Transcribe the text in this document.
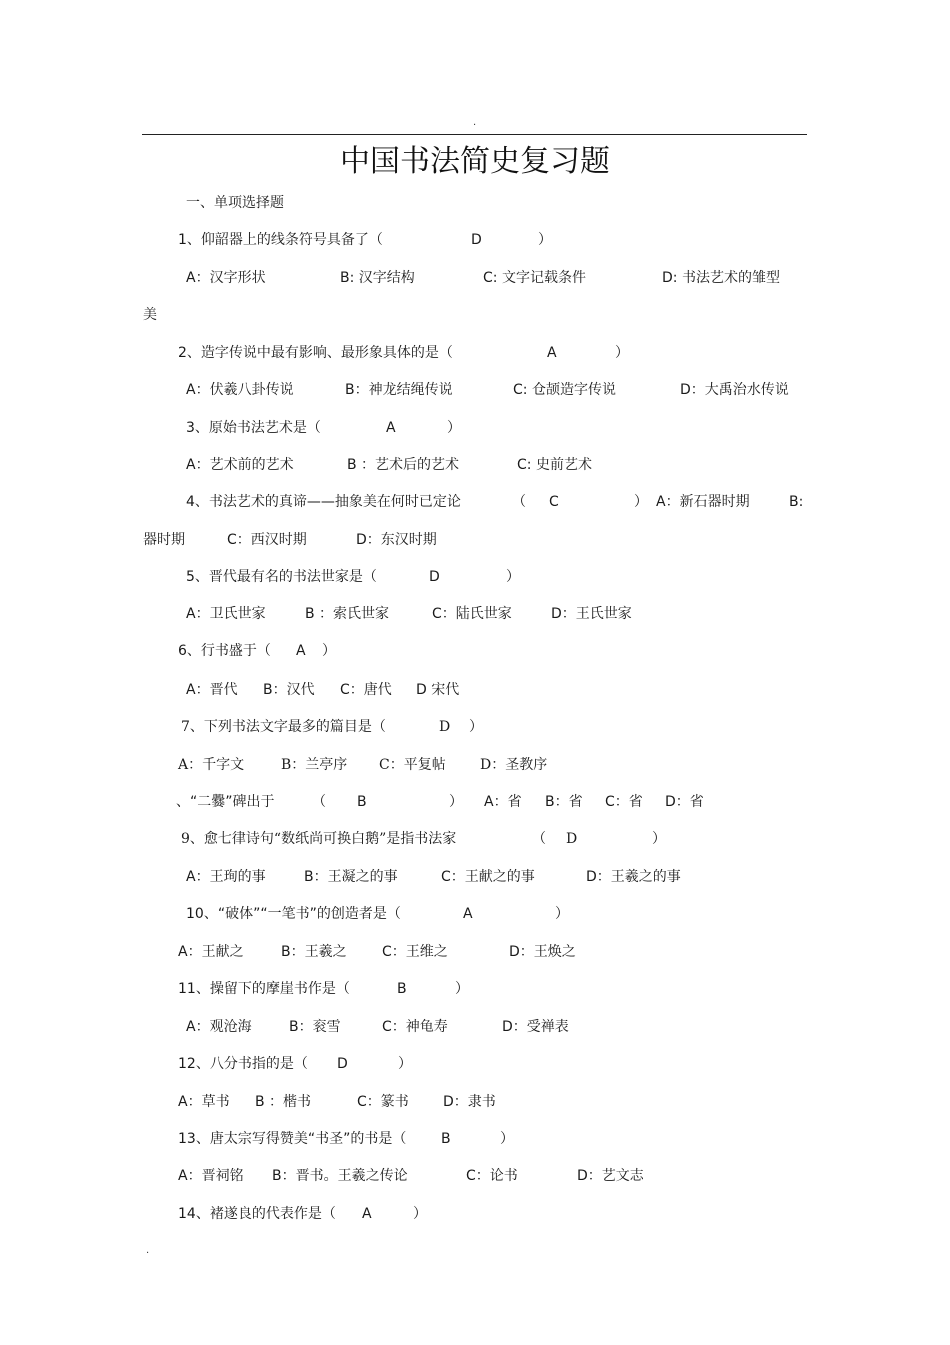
.
中国书法简史复习题
一、单项选择题
1、仰韶器上的线条符号具备了（	D	）
A：汉字形状	B: 汉字结构	C: 文字记载条件	D: 书法艺术的雏型
美
2、造字传说中最有影响、最形象具体的是（	A	）
A：伏羲八卦传说	B：神龙结绳传说	C: 仓颉造字传说	D：大禹治水传说
3、原始书法艺术是（	A	）
A：艺术前的艺术	B ：艺术后的艺术	C: 史前艺术
4、书法艺术的真谛——抽象美在何时已定论	（ C	） A：新石器时期	B:
器时期	C：西汉时期	D：东汉时期
5、晋代最有名的书法世家是（	D	）
A：卫氏世家	B ：索氏世家	C：陆氏世家	D：王氏世家
6、行书盛于（ A ）
A：晋代 B：汉代 C：唐代 D 宋代
7、下列书法文字最多的篇目是（	D ）
A：千字文	B：兰亭序 C：平复帖 D：圣教序
、“二爨”碑出于	（ B	） A：省 B：省 C：省 D：省
9、愈七律诗句“数纸尚可换白鹅”是指书法家	（ D	）
A：王珣的事	B：王凝之的事	C：王献之的事	D：王羲之的事
10、“破体”“一笔书”的创造者是（	A	）
A：王献之	B：王羲之	C：王维之	D：王焕之
11、操留下的摩崖书作是（	B	）
A：观沧海	B：衮雪	C：神龟寿	D：受禅表
12、八分书指的是（ D	）
A：草书 B ：楷书	C：篆书 D：隶书
13、唐太宗写得赞美“书圣”的书是（ B	）
A：晋祠铭 B：晋书。王羲之传论	C：论书	D：艺文志
14、褚遂良的代表作是（ A	）
.
